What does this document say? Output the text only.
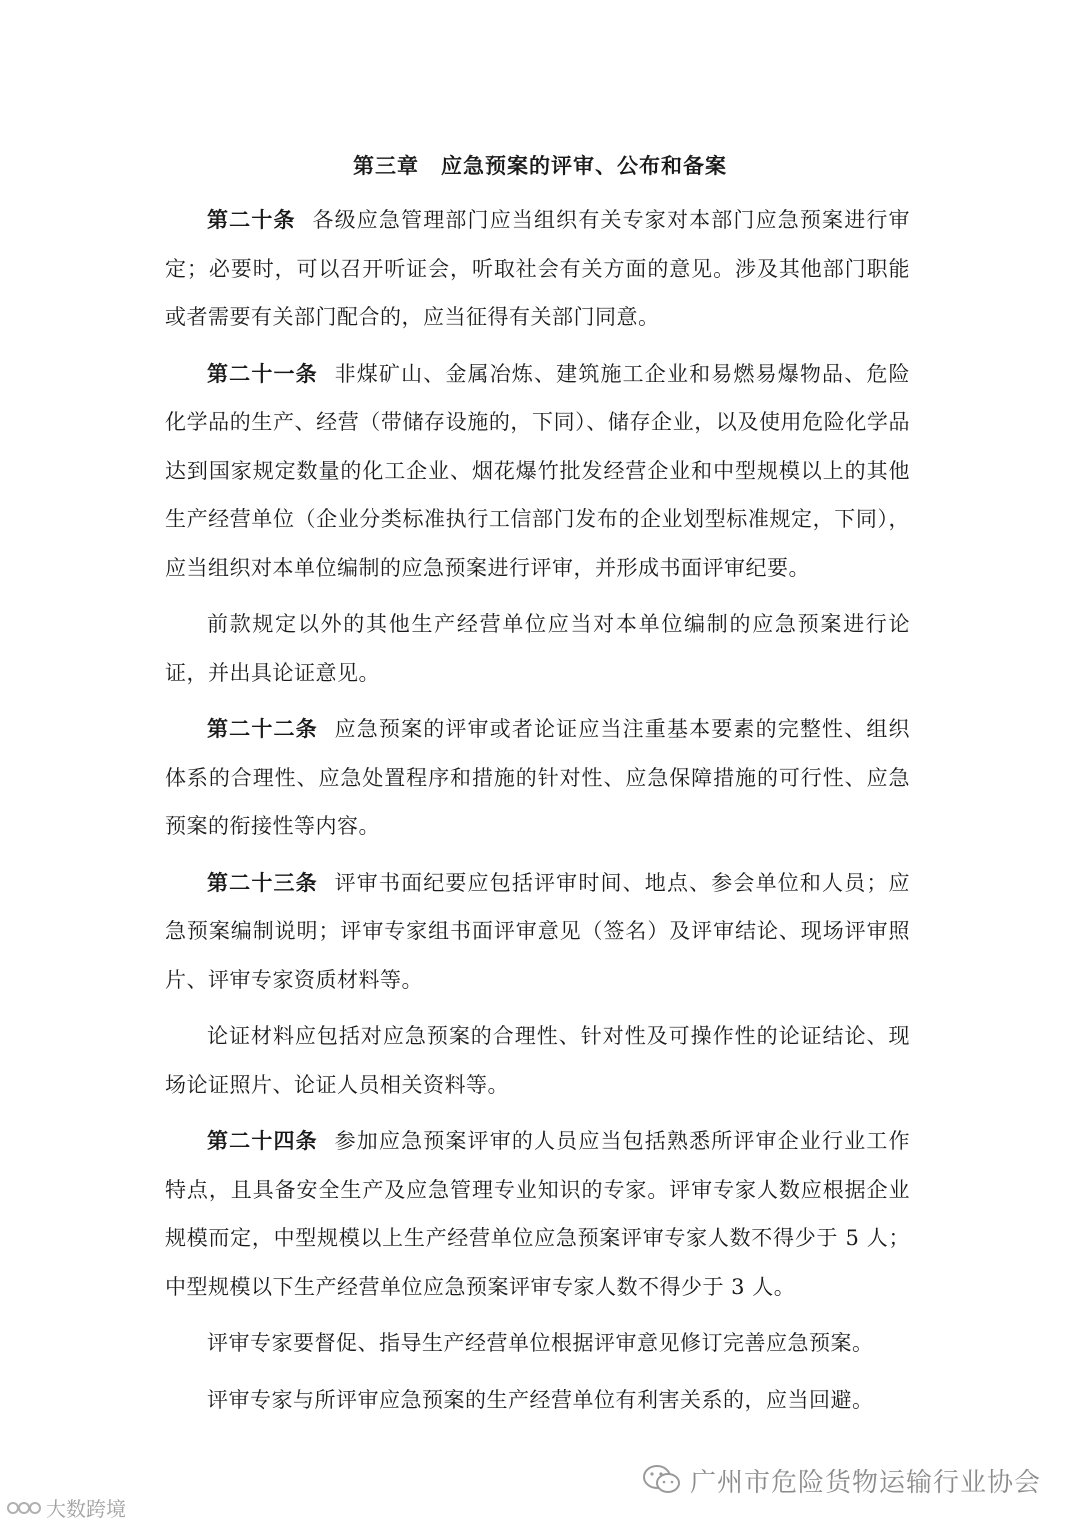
第三章　应急预案的评审、公布和备案

第二十条 各级应急管理部门应当组织有关专家对本部门应急预案进行审定；必要时，可以召开听证会，听取社会有关方面的意见。涉及其他部门职能或者需要有关部门配合的，应当征得有关部门同意。

第二十一条 非煤矿山、金属冶炼、建筑施工企业和易燃易爆物品、危险化学品的生产、经营（带储存设施的，下同）、储存企业，以及使用危险化学品达到国家规定数量的化工企业、烟花爆竹批发经营企业和中型规模以上的其他生产经营单位（企业分类标准执行工信部门发布的企业划型标准规定，下同），应当组织对本单位编制的应急预案进行评审，并形成书面评审纪要。

前款规定以外的其他生产经营单位应当对本单位编制的应急预案进行论证，并出具论证意见。

第二十二条 应急预案的评审或者论证应当注重基本要素的完整性、组织体系的合理性、应急处置程序和措施的针对性、应急保障措施的可行性、应急预案的衔接性等内容。

第二十三条 评审书面纪要应包括评审时间、地点、参会单位和人员；应急预案编制说明；评审专家组书面评审意见（签名）及评审结论、现场评审照片、评审专家资质材料等。

论证材料应包括对应急预案的合理性、针对性及可操作性的论证结论、现场论证照片、论证人员相关资料等。

第二十四条 参加应急预案评审的人员应当包括熟悉所评审企业行业工作特点，且具备安全生产及应急管理专业知识的专家。评审专家人数应根据企业规模而定，中型规模以上生产经营单位应急预案评审专家人数不得少于 5 人；中型规模以下生产经营单位应急预案评审专家人数不得少于 3 人。

评审专家要督促、指导生产经营单位根据评审意见修订完善应急预案。

评审专家与所评审应急预案的生产经营单位有利害关系的，应当回避。

广州市危险货物运输行业协会
大数跨境
